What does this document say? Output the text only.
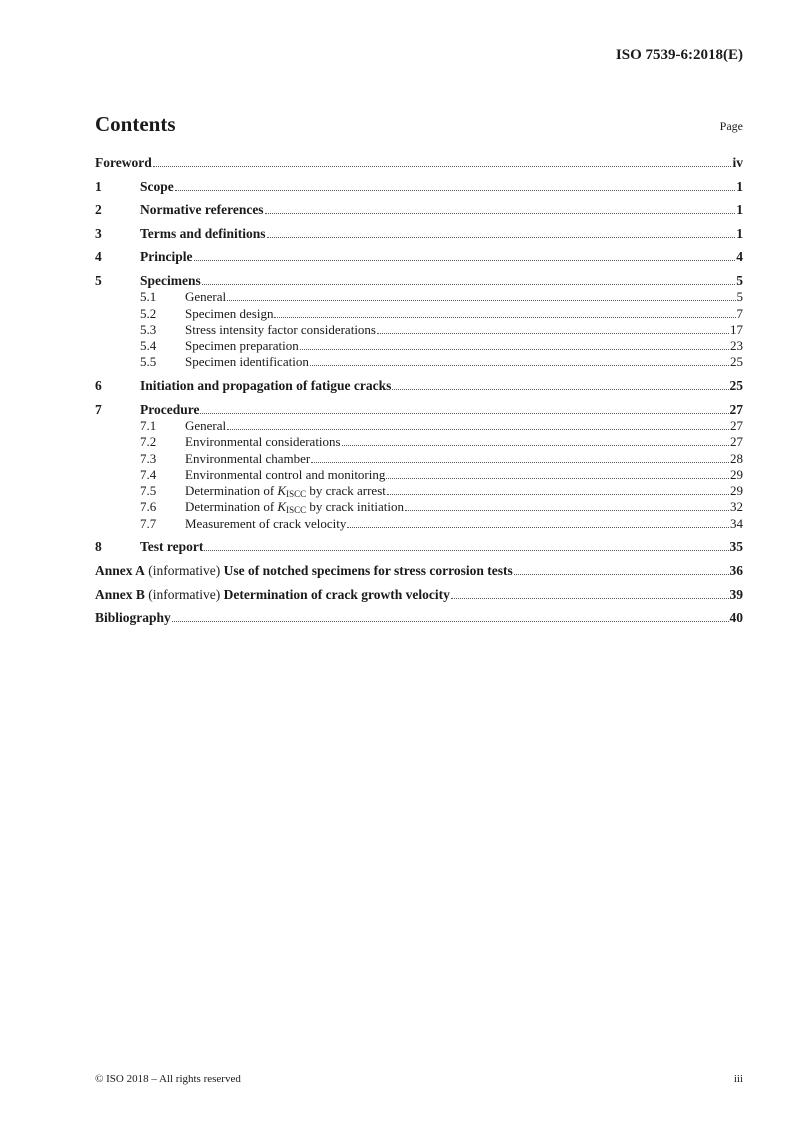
ISO 7539-6:2018(E)
Contents	Page
Foreword	iv
1	Scope	1
2	Normative references	1
3	Terms and definitions	1
4	Principle	4
5	Specimens	5
5.1	General	5
5.2	Specimen design	7
5.3	Stress intensity factor considerations	17
5.4	Specimen preparation	23
5.5	Specimen identification	25
6	Initiation and propagation of fatigue cracks	25
7	Procedure	27
7.1	General	27
7.2	Environmental considerations	27
7.3	Environmental chamber	28
7.4	Environmental control and monitoring	29
7.5	Determination of KISCC by crack arrest	29
7.6	Determination of KISCC by crack initiation	32
7.7	Measurement of crack velocity	34
8	Test report	35
Annex A (informative) Use of notched specimens for stress corrosion tests	36
Annex B (informative) Determination of crack growth velocity	39
Bibliography	40
© ISO 2018 – All rights reserved	iii
